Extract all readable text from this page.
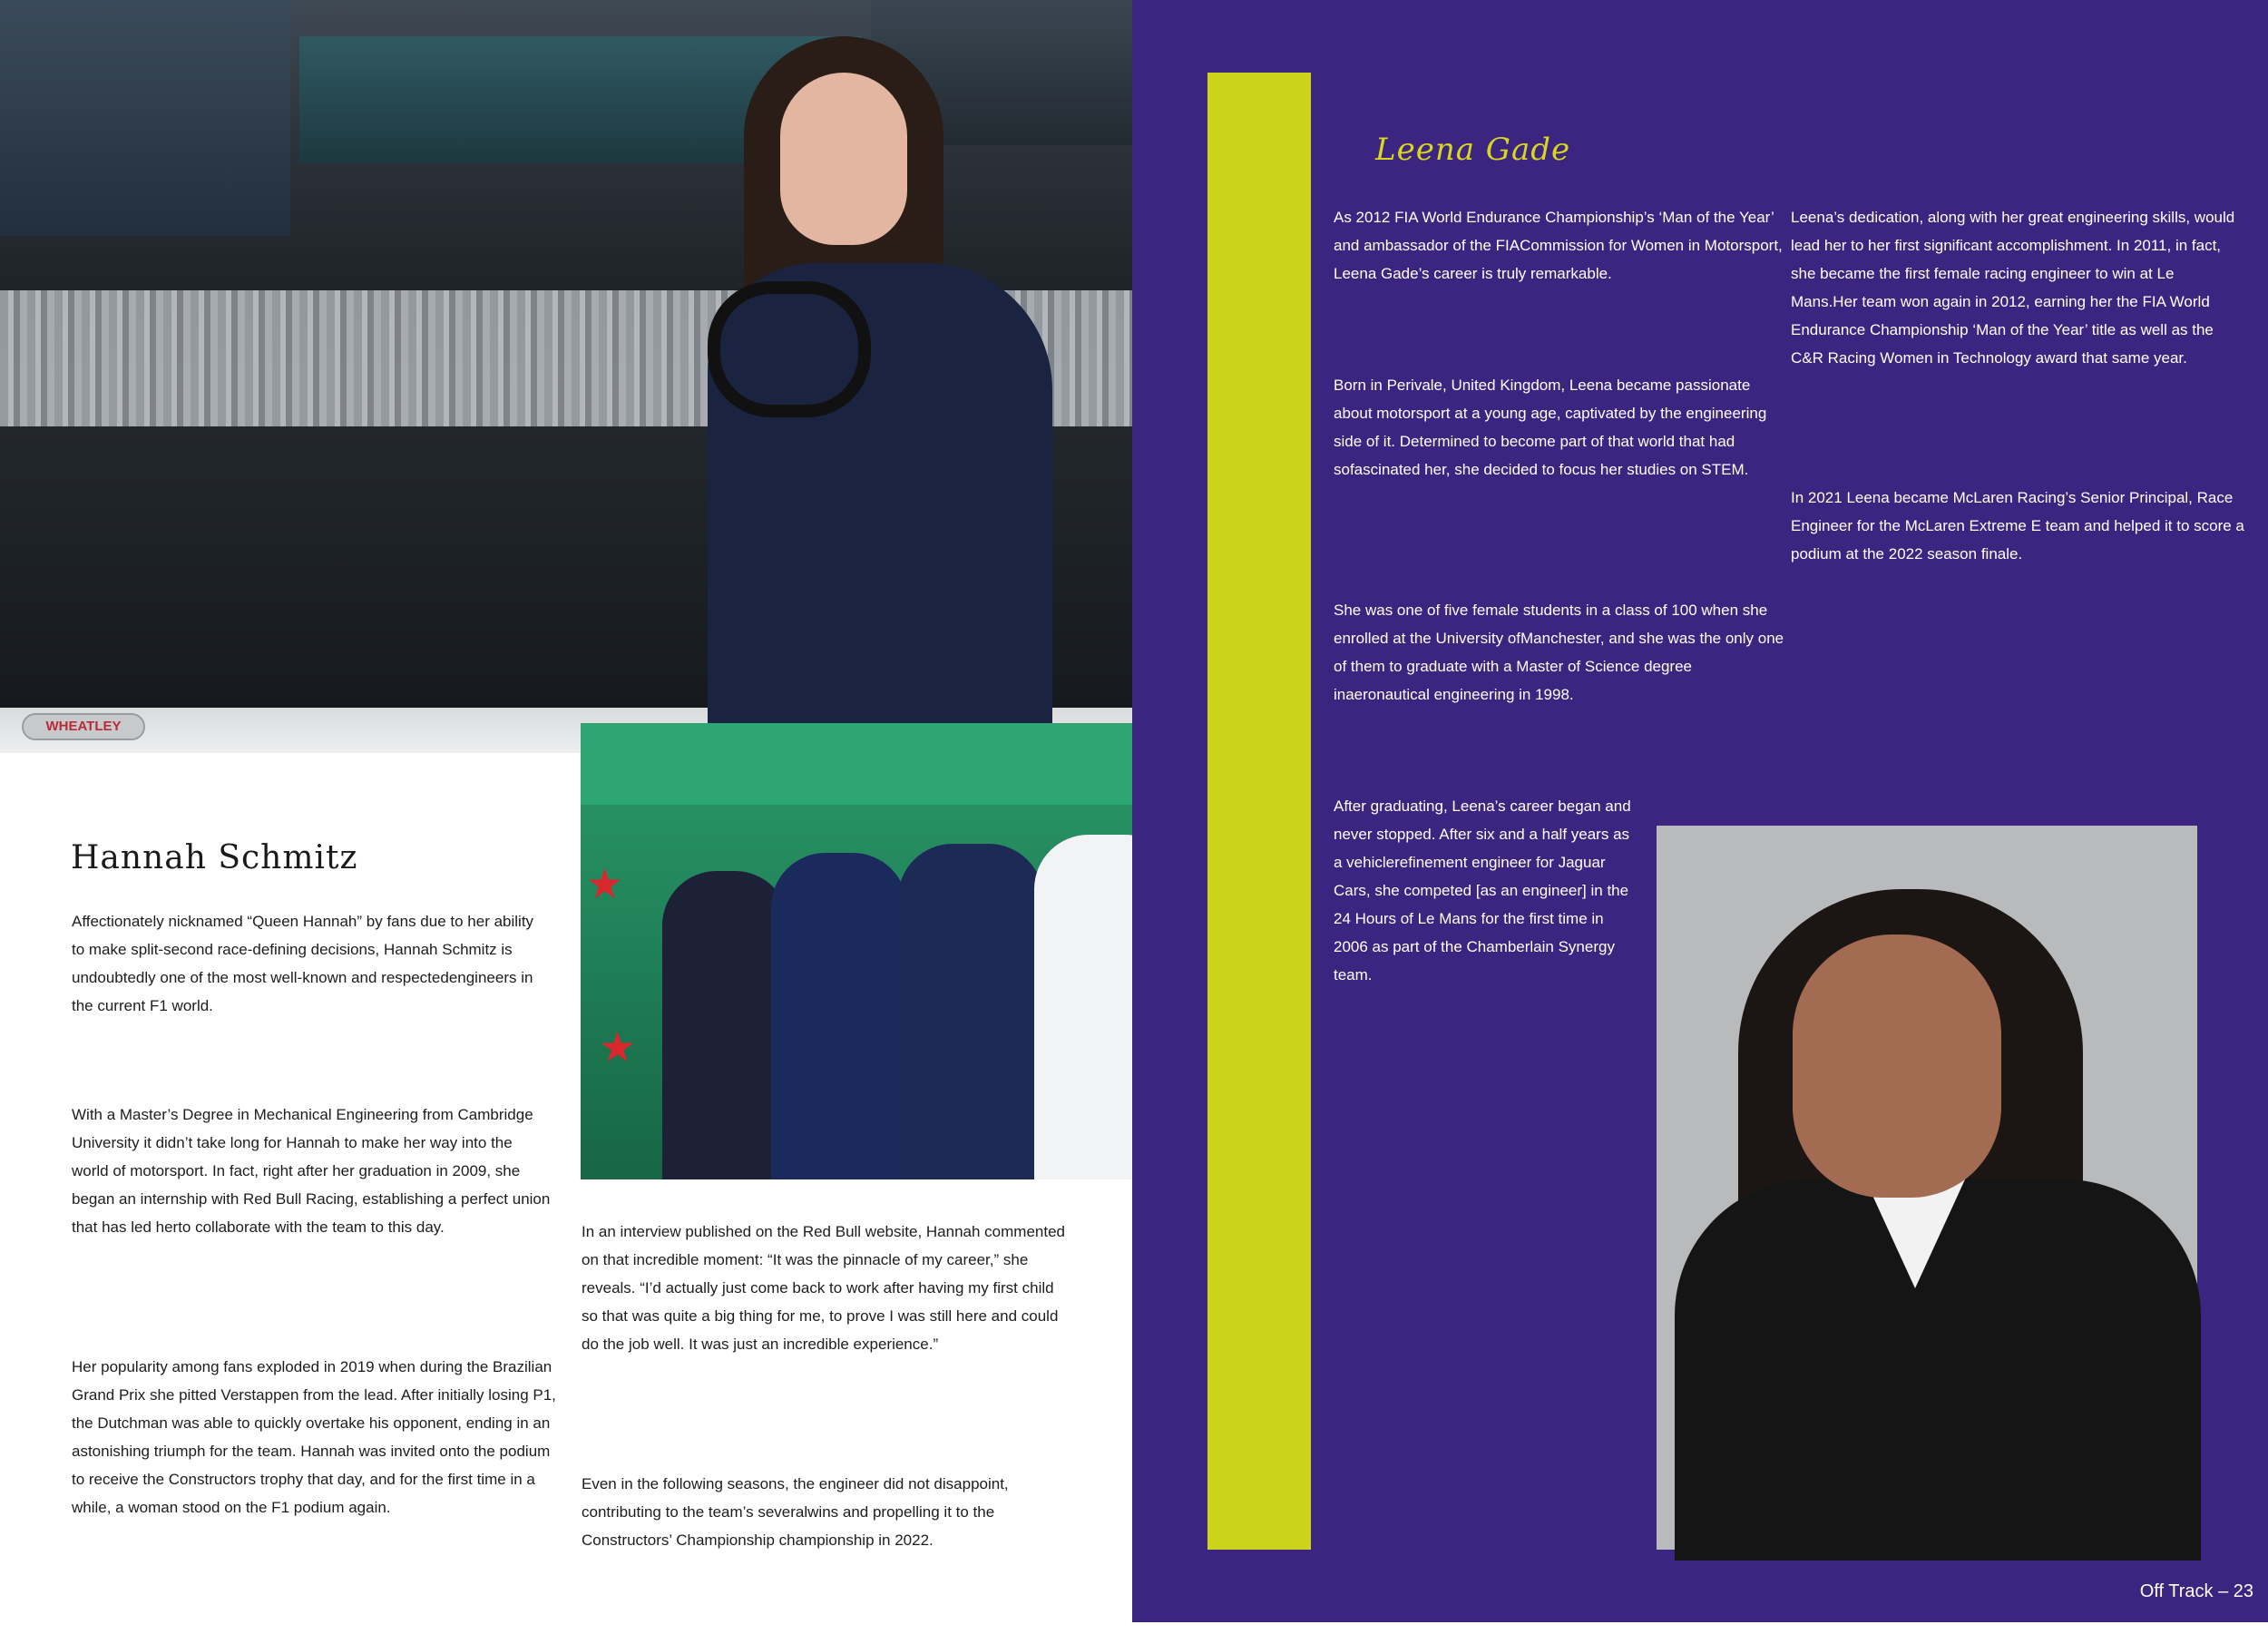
WHEATLEY
★
★
Hannah Schmitz

Affectionately nicknamed “Queen Hannah” by fans due to her ability to make split-second race-defining decisions, Hannah Schmitz is undoubtedly one of the most well-known and respectedengineers in the current F1 world.

With a Master’s Degree in Mechanical Engineering from Cambridge University it didn’t take long for Hannah to make her way into the world of motorsport. In fact, right after her graduation in 2009, she began an internship with Red Bull Racing, establishing a perfect union that has led herto collaborate with the team to this day.

Her popularity among fans exploded in 2019 when during the Brazilian Grand Prix she pitted Verstappen from the lead. After initially losing P1, the Dutchman was able to quickly overtake his opponent, ending in an astonishing triumph for the team. Hannah was invited onto the podium to receive the Constructors trophy that day, and for the first time in a while, a woman stood on the F1 podium again.

In an interview published on the Red Bull website, Hannah commented on that incredible moment: “It was the pinnacle of my career,” she reveals. “I’d actually just come back to work after having my first child so that was quite a big thing for me, to prove I was still here and could do the job well. It was just an incredible experience.”

Even in the following seasons, the engineer did not disappoint, contributing to the team’s severalwins and propelling it to the Constructors’ Championship championship in 2022.

Leena Gade

As 2012 FIA World Endurance Championship’s ‘Man of the Year’ and ambassador of the FIACommission for Women in Motorsport, Leena Gade’s career is truly remarkable.

Born in Perivale, United Kingdom, Leena became passionate about motorsport at a young age, captivated by the engineering side of it. Determined to become part of that world that had sofascinated her, she decided to focus her studies on STEM.

She was one of five female students in a class of 100 when she enrolled at the University ofManchester, and she was the only one of them to graduate with a Master of Science degree inaeronautical engineering in 1998.

After graduating, Leena’s career began and never stopped. After six and a half years as a vehiclerefinement engineer for Jaguar Cars, she competed [as an engineer] in the 24 Hours of Le Mans for the first time in 2006 as part of the Chamberlain Synergy team.

Leena’s dedication, along with her great engineering skills, would lead her to her first significant accomplishment. In 2011, in fact, she became the first female racing engineer to win at Le Mans.Her team won again in 2012, earning her the FIA World Endurance Championship ‘Man of the Year’ title as well as the C&R Racing Women in Technology award that same year.

In 2021 Leena became McLaren Racing’s Senior Principal, Race Engineer for the McLaren Extreme E team and helped it to score a podium at the 2022 season finale.

Off Track – 23
